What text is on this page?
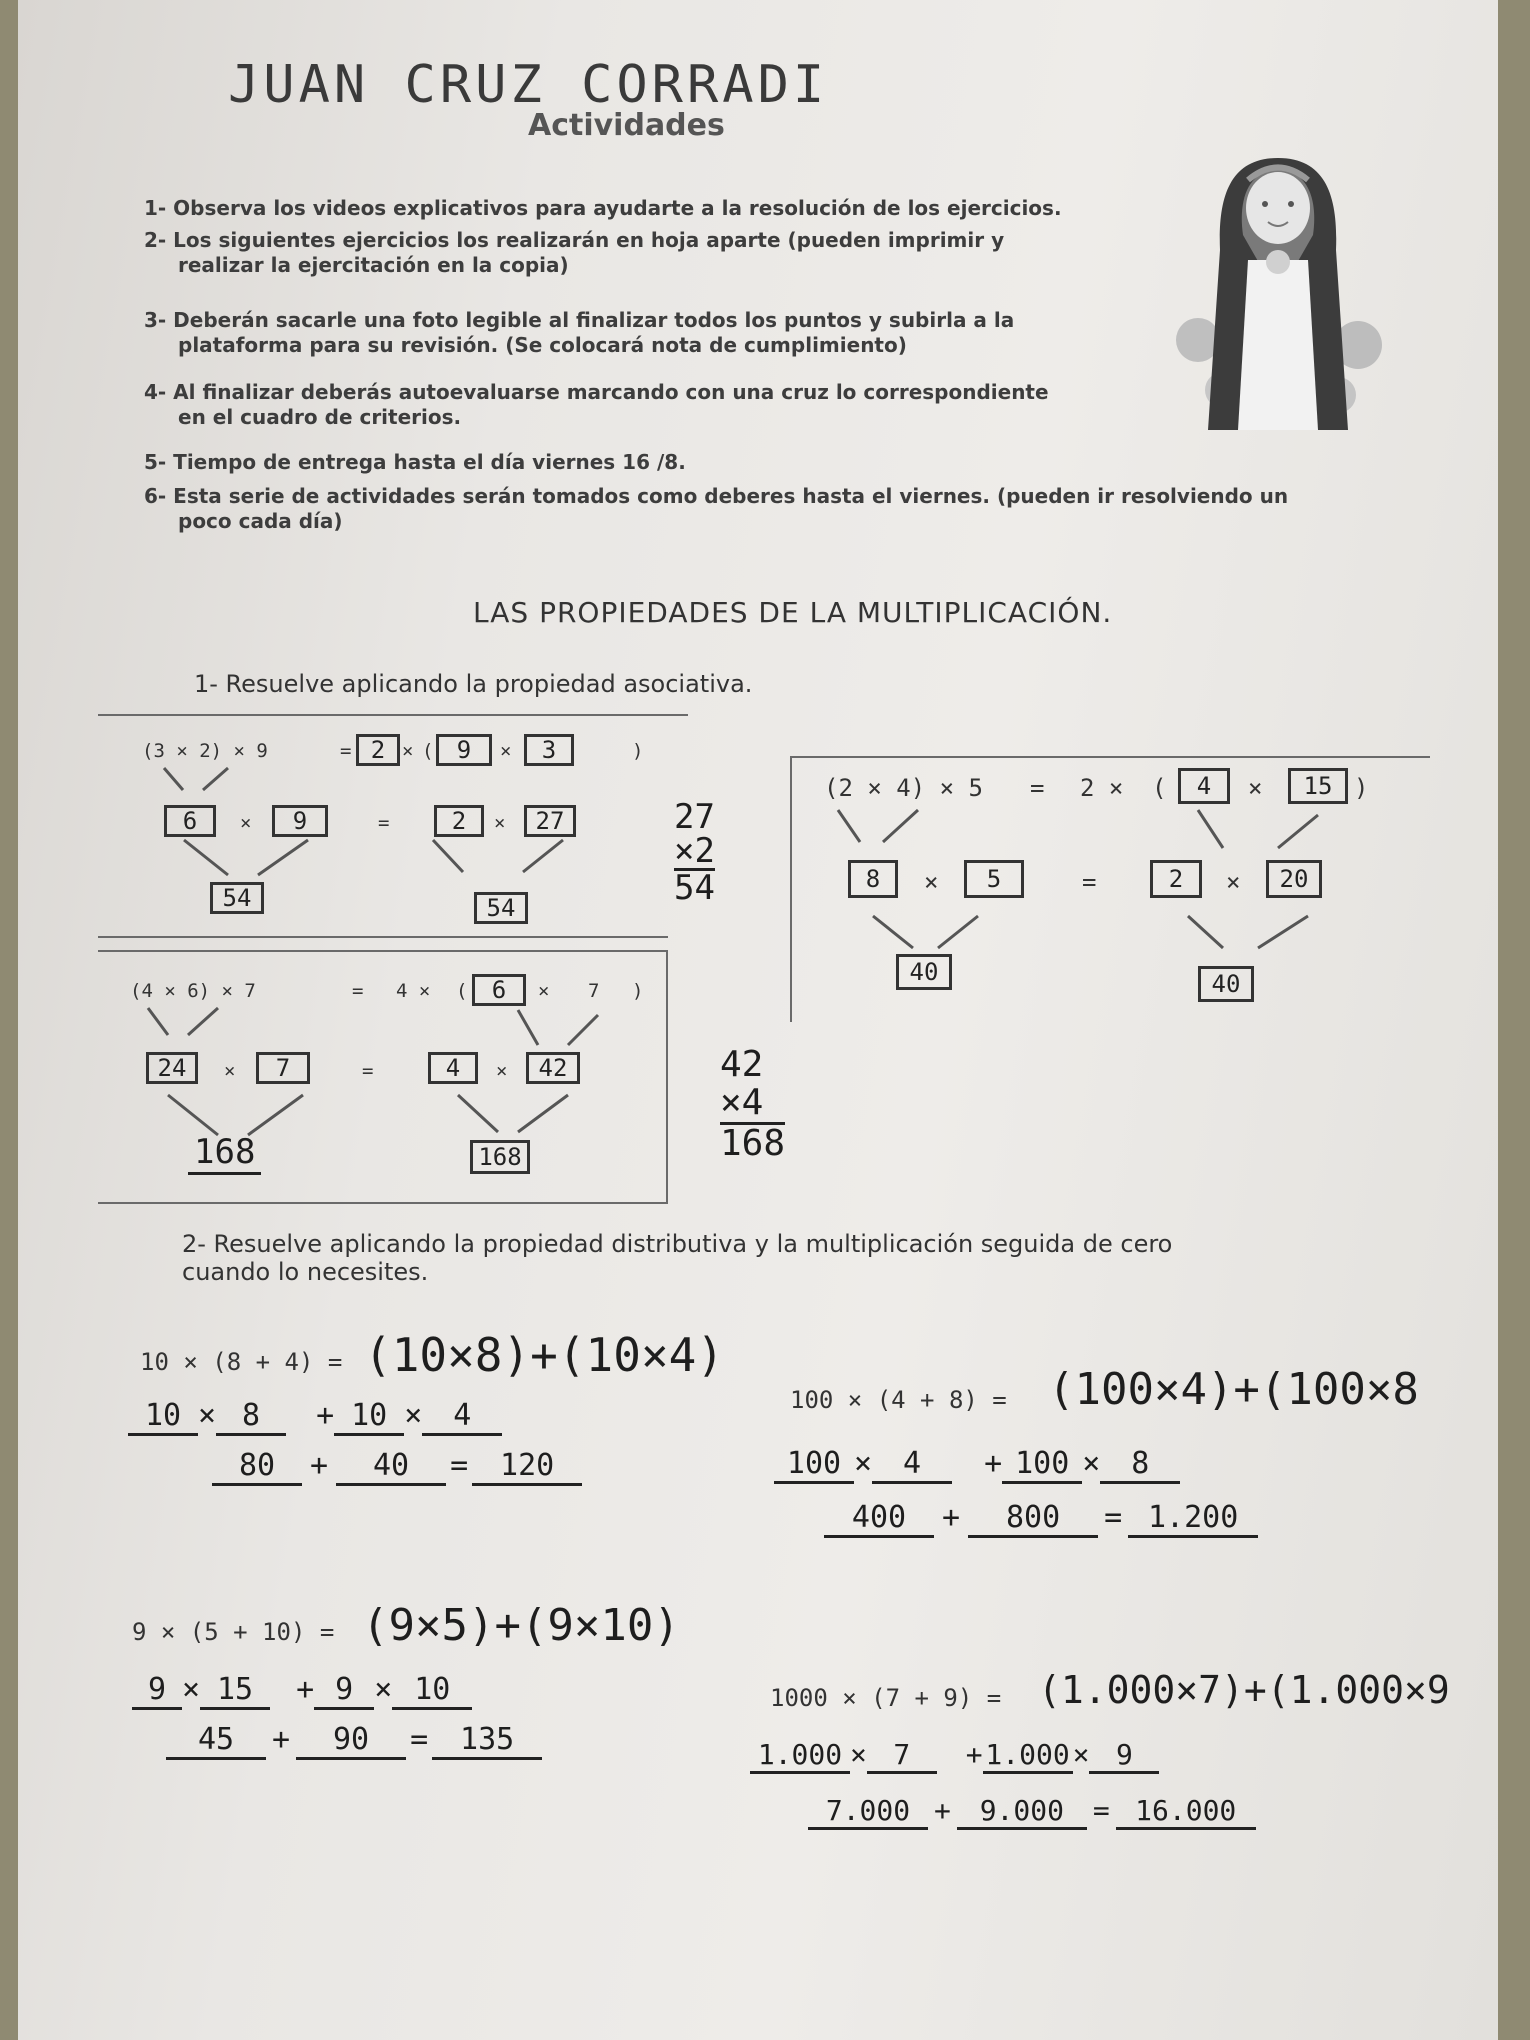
JUAN CRUZ CORRADI
Actividades
1- Observa los videos explicativos para ayudarte a la resolución de los ejercicios.
2- Los siguientes ejercicios los realizarán en hoja aparte (pueden imprimir y
realizar la ejercitación en la copia)
3- Deberán sacarle una foto legible al finalizar todos los puntos y subirla a la
plataforma para su revisión. (Se colocará nota de cumplimiento)
4- Al finalizar deberás autoevaluarse marcando con una cruz lo correspondiente
en el cuadro de criterios.
5- Tiempo de entrega hasta el día viernes 16 /8.
6- Esta serie de actividades serán tomados como deberes hasta el viernes. (pueden ir resolviendo un
poco cada día)
LAS PROPIEDADES DE LA MULTIPLICACIÓN.
1- Resuelve aplicando la propiedad asociativa.
(3 × 2) × 9	= 2 × ( 9	×	3	)
6	×	9	=	2	×	27
54	54
27
×2
54
(2 × 4) × 5 = 2 × (	4	×	15 )
8	×	5	=	2	×	20
40	40
(4 × 6) × 7	= 4 × (	6	× 7 )
24	×	7	=	4	×	42
168	168
42
×4
168
2- Resuelve aplicando la propiedad distributiva y la multiplicación seguida de cero
cuando lo necesites.
10 × (8 + 4) = (10×8)+(10×4)
10 × 8 + 10 × 4
80 + 40 = 120
100 × (4 + 8) = (100×4)+(100×8
100 × 4 + 100 × 8
400 + 800 = 1.200
9 × (5 + 10) = (9×5)+(9×10)
9 × 15 + 9 × 10
45 + 90 = 135
1000 × (7 + 9) = (1.000×7)+(1.000×9
1.000 × 7 + 1.000 × 9
7.000 + 9.000 = 16.000
